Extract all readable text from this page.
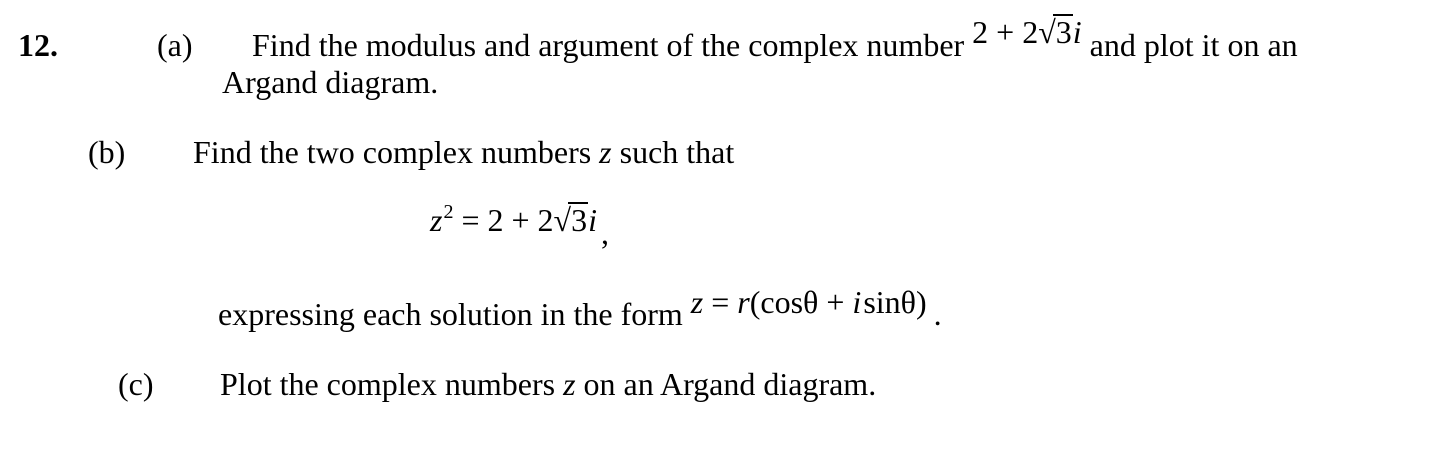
12.	(a) Find the modulus and argument of the complex number 2 + 2√3i and plot it on an
Argand diagram.
(b) Find the two complex numbers z such that
$z^2 = 2 + 2√3i$ ,
expressing each solution in the form z = r(cosθ + isinθ) .
(c) Plot the complex numbers z on an Argand diagram.
